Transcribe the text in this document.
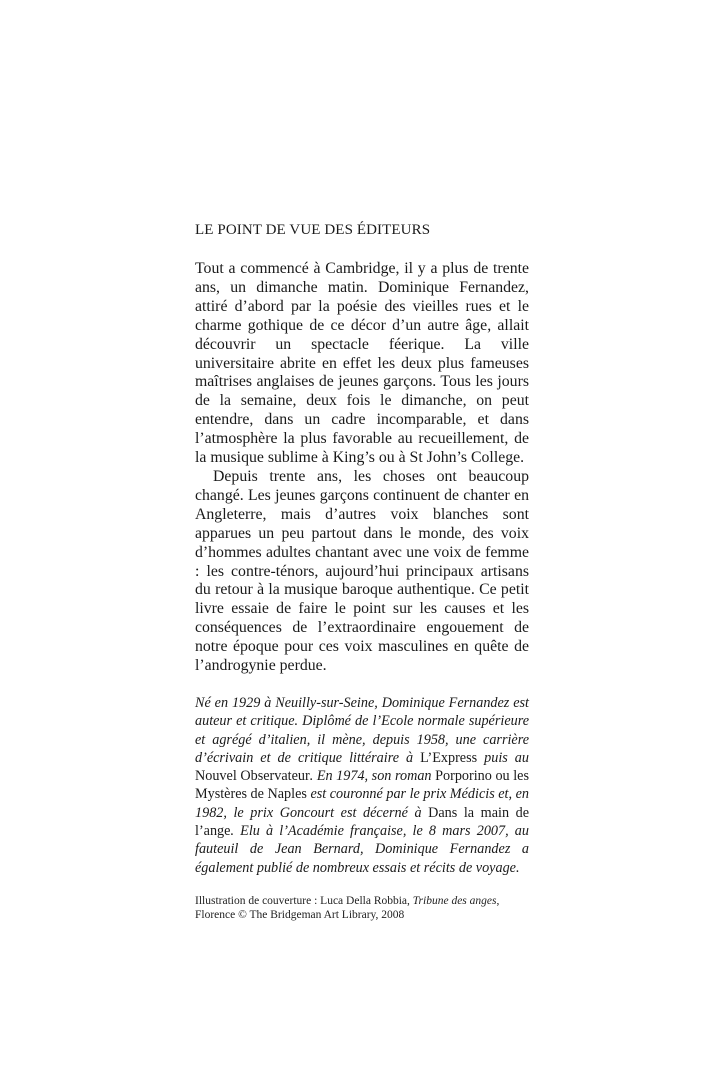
LE POINT DE VUE DES ÉDITEURS

Tout a commencé à Cambridge, il y a plus de trente ans, un dimanche matin. Dominique Fernandez, attiré d’abord par la poésie des vieilles rues et le charme gothique de ce décor d’un autre âge, allait découvrir un spectacle féerique. La ville universitaire abrite en effet les deux plus fameuses maîtrises anglaises de jeunes garçons. Tous les jours de la semaine, deux fois le dimanche, on peut entendre, dans un cadre incomparable, et dans l’atmosphère la plus favorable au recueillement, de la musique sublime à King’s ou à St John’s College.

Depuis trente ans, les choses ont beaucoup changé. Les jeunes garçons continuent de chanter en Angleterre, mais d’autres voix blanches sont apparues un peu partout dans le monde, des voix d’hommes adultes chantant avec une voix de femme : les contre-ténors, aujourd’hui principaux artisans du retour à la musique baroque authentique. Ce petit livre essaie de faire le point sur les causes et les conséquences de l’extraordinaire engouement de notre époque pour ces voix masculines en quête de l’androgynie perdue.

Né en 1929 à Neuilly-sur-Seine, Dominique Fernandez est auteur et critique. Diplômé de l’Ecole normale supérieure et agrégé d’italien, il mène, depuis 1958, une carrière d’écrivain et de critique littéraire à L’Express puis au Nouvel Observateur. En 1974, son roman Porporino ou les Mystères de Naples est couronné par le prix Médicis et, en 1982, le prix Goncourt est décerné à Dans la main de l’ange. Elu à l’Académie française, le 8 mars 2007, au fauteuil de Jean Bernard, Dominique Fernandez a également publié de nombreux essais et récits de voyage.
Illustration de couverture : Luca Della Robbia, Tribune des anges,
Florence © The Bridgeman Art Library, 2008
